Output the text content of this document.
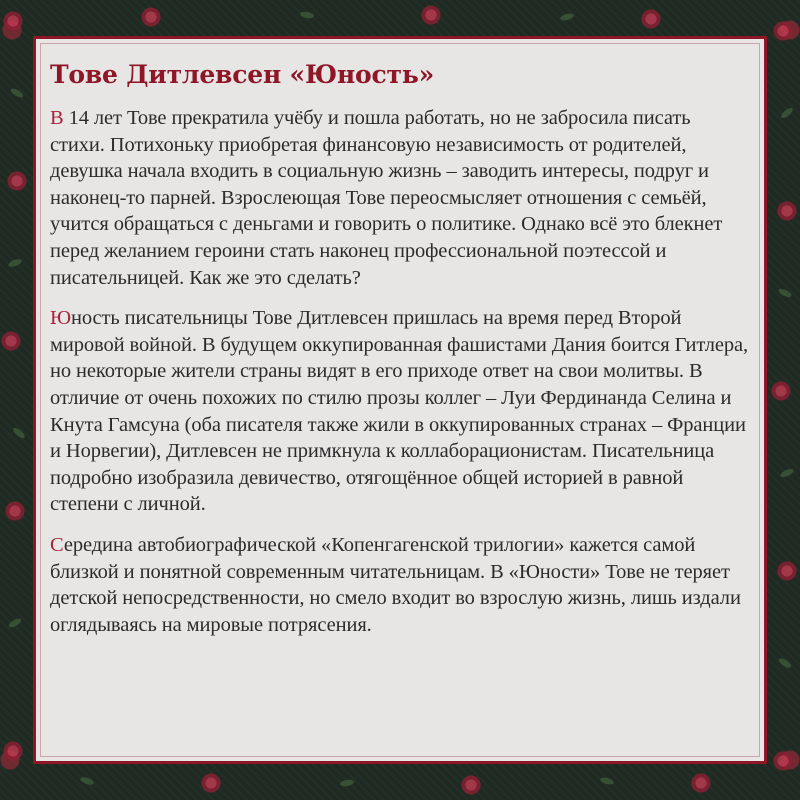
Тове Дитлевсен «Юность»

В 14 лет Тове прекратила учёбу и пошла работать, но не забросила писать стихи. Потихоньку приобретая финансовую независимость от родителей, девушка начала входить в социальную жизнь – заводить интересы, подруг и наконец-то парней. Взрослеющая Тове переосмысляет отношения с семьёй, учится обращаться с деньгами и говорить о политике. Однако всё это блекнет перед желанием героини стать наконец профессиональной поэтессой и писательницей. Как же это сделать?

Юность писательницы Тове Дитлевсен пришлась на время перед Второй мировой войной. В будущем оккупированная фашистами Дания боится Гитлера, но некоторые жители страны видят в его приходе ответ на свои молитвы. В отличие от очень похожих по стилю прозы коллег – Луи Фердинанда Селина и Кнута Гамсуна (оба писателя также жили в оккупированных странах – Франции и Норвегии), Дитлевсен не примкнула к коллаборационистам. Писательница подробно изобразила девичество, отягощённое общей историей в равной степени с личной.

Середина автобиографической «Копенгагенской трилогии» кажется самой близкой и понятной современным читательницам. В «Юности» Тове не теряет детской непосредственности, но смело входит во взрослую жизнь, лишь издали оглядываясь на мировые потрясения.
